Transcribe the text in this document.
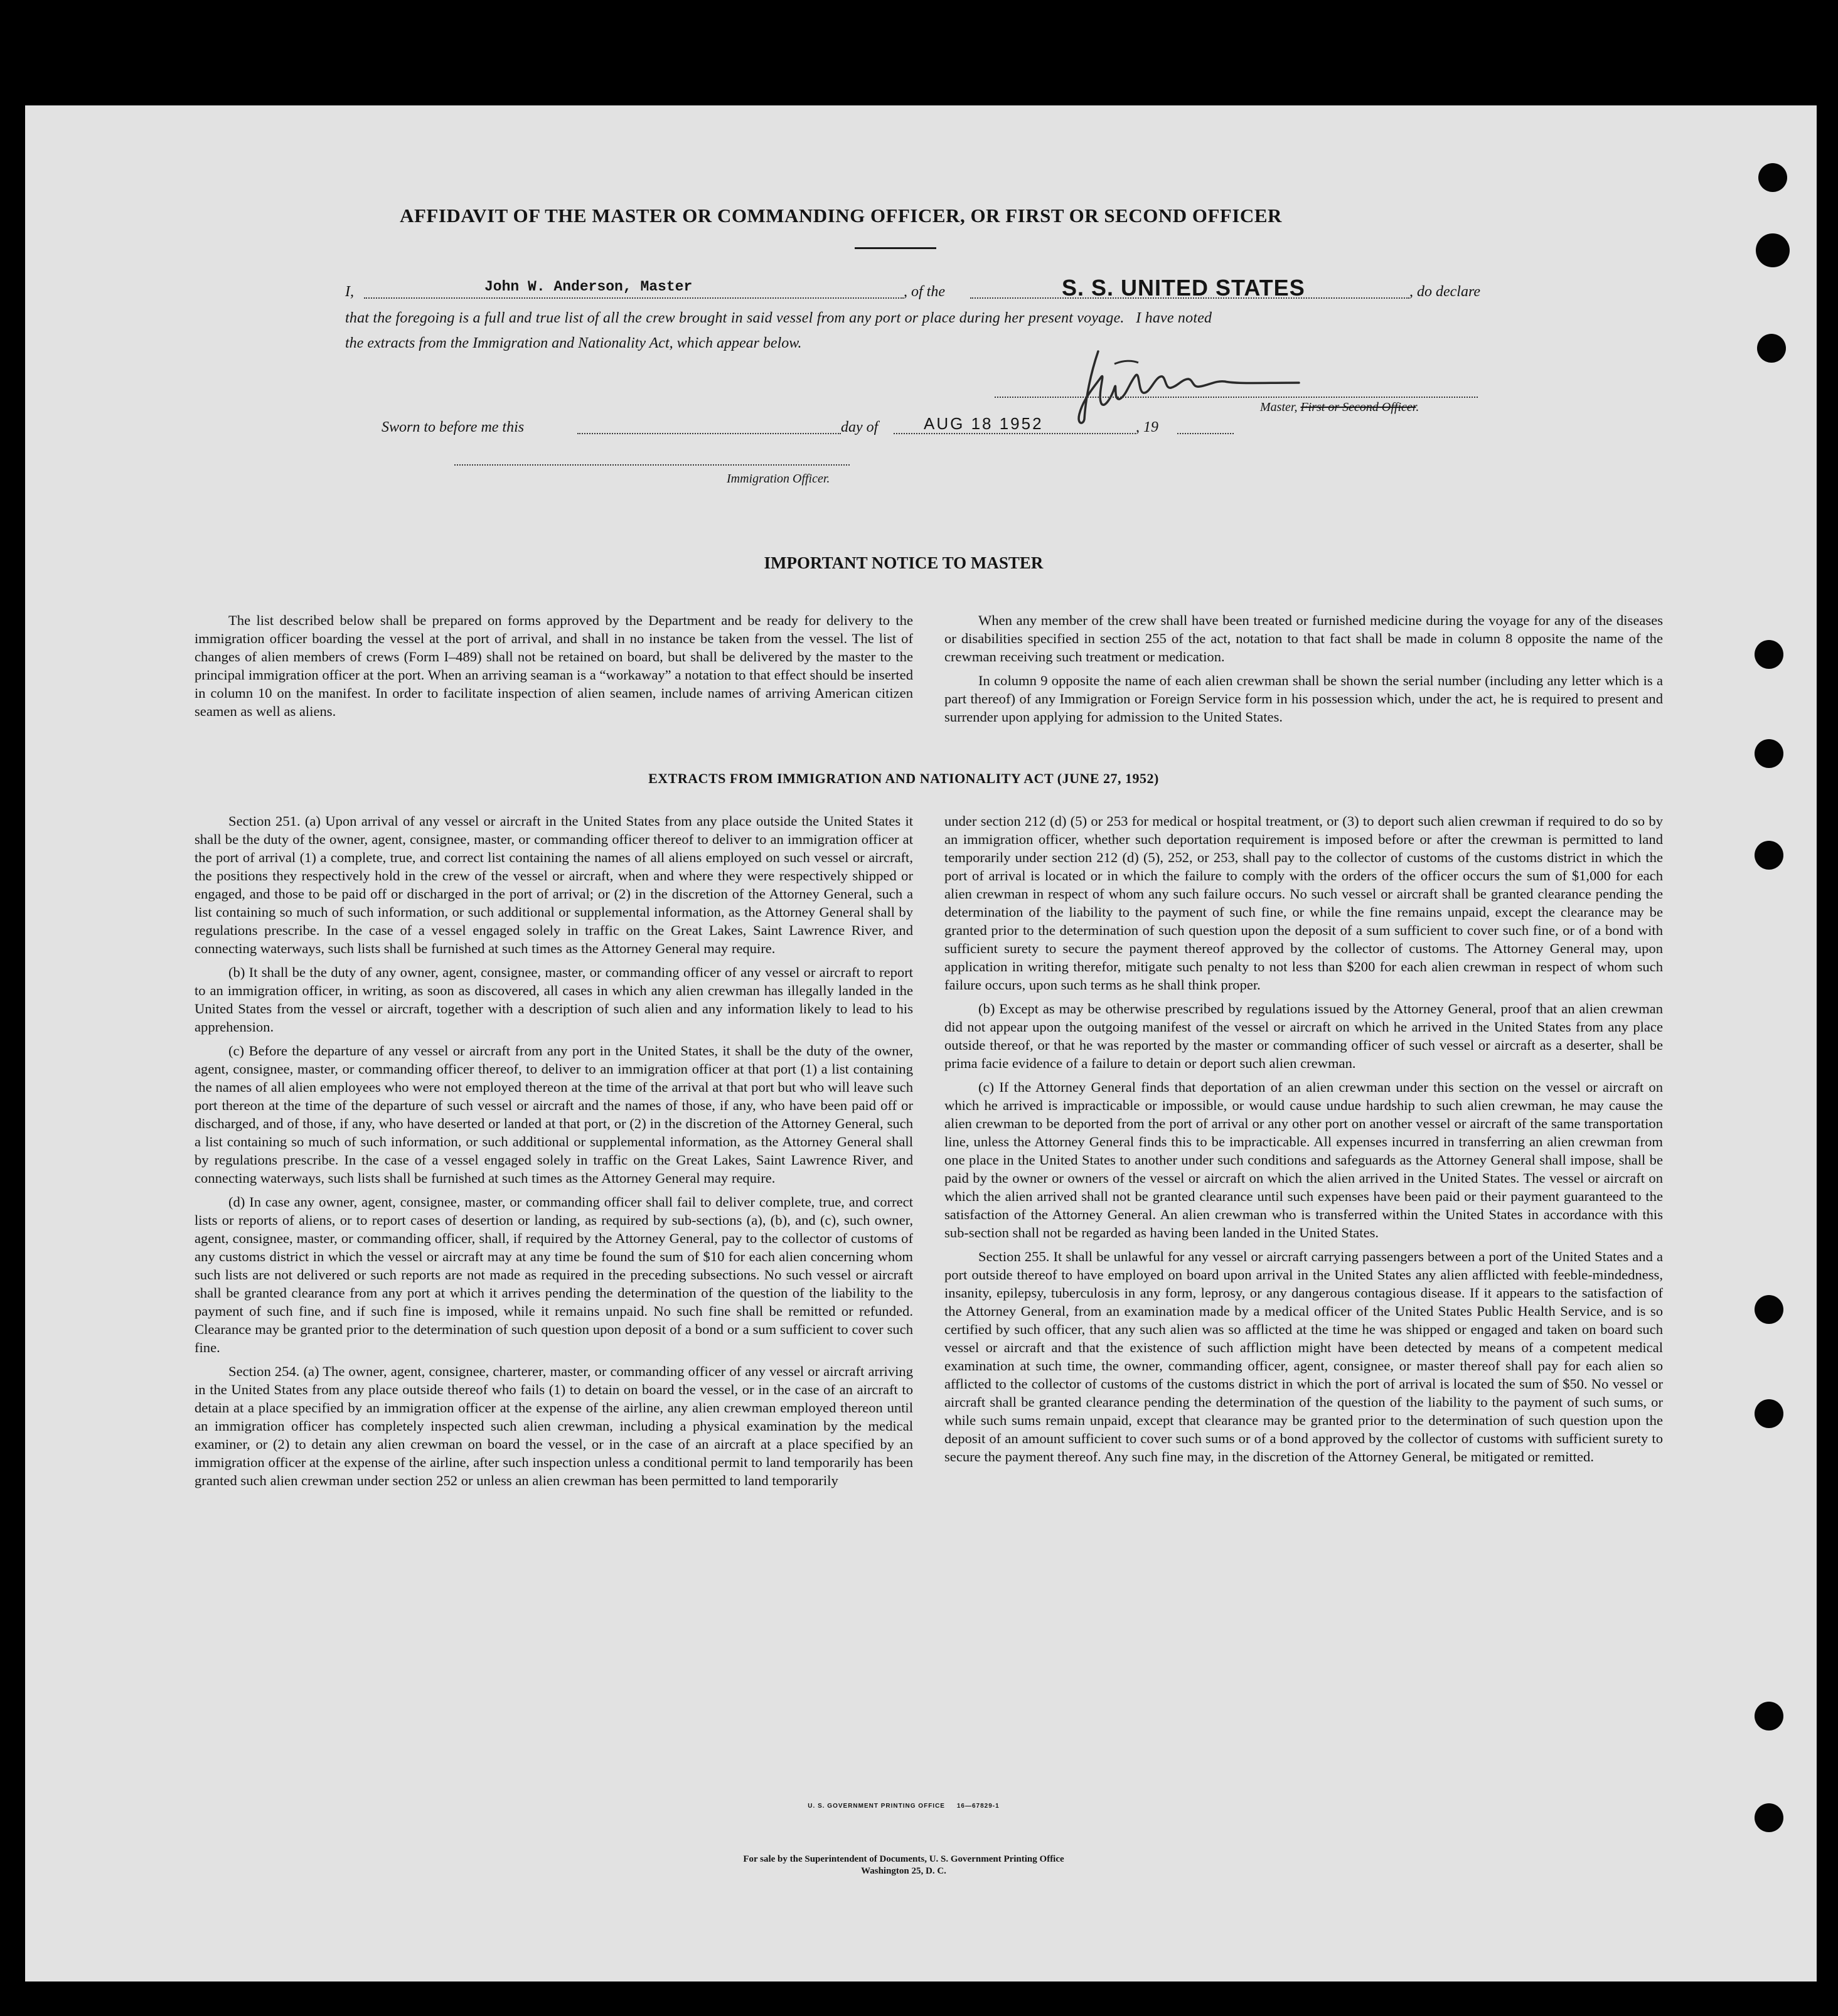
AFFIDAVIT OF THE MASTER OR COMMANDING OFFICER, OR FIRST OR SECOND OFFICER
I,	John W. Anderson, Master	, of the	S. S. UNITED STATES	, do declare
that the foregoing is a full and true list of all the crew brought in said vessel from any port or place during her present voyage.   I have noted
the extracts from the Immigration and Nationality Act, which appear below.
Master, First or Second Officer.
Sworn to before me this	day of	AUG 18 1952	, 19
Immigration Officer.
IMPORTANT NOTICE TO MASTER

The list described below shall be prepared on forms approved by the Department and be ready for delivery to the immigration officer boarding the vessel at the port of arrival, and shall in no instance be taken from the vessel. The list of changes of alien members of crews (Form I–489) shall not be retained on board, but shall be delivered by the master to the principal immigration officer at the port. When an arriving seaman is a “workaway” a notation to that effect should be inserted in column 10 on the manifest. In order to facilitate inspection of alien seamen, include names of arriving American citizen seamen as well as aliens.

When any member of the crew shall have been treated or furnished medicine during the voyage for any of the diseases or disabilities specified in section 255 of the act, notation to that fact shall be made in column 8 opposite the name of the crewman receiving such treatment or medication.

In column 9 opposite the name of each alien crewman shall be shown the serial number (including any letter which is a part thereof) of any Immigration or Foreign Service form in his possession which, under the act, he is required to present and surrender upon applying for admission to the United States.

EXTRACTS FROM IMMIGRATION AND NATIONALITY ACT (JUNE 27, 1952)

Section 251. (a) Upon arrival of any vessel or aircraft in the United States from any place outside the United States it shall be the duty of the owner, agent, consignee, master, or commanding officer thereof to deliver to an immigration officer at the port of arrival (1) a complete, true, and correct list containing the names of all aliens employed on such vessel or aircraft, the positions they respectively hold in the crew of the vessel or aircraft, when and where they were respectively shipped or engaged, and those to be paid off or discharged in the port of arrival; or (2) in the discretion of the Attorney General, such a list containing so much of such information, or such additional or supplemental information, as the Attorney General shall by regulations prescribe. In the case of a vessel engaged solely in traffic on the Great Lakes, Saint Lawrence River, and connecting waterways, such lists shall be furnished at such times as the Attorney General may require.

(b) It shall be the duty of any owner, agent, consignee, master, or commanding officer of any vessel or aircraft to report to an immigration officer, in writing, as soon as discovered, all cases in which any alien crewman has illegally landed in the United States from the vessel or aircraft, together with a description of such alien and any information likely to lead to his apprehension.

(c) Before the departure of any vessel or aircraft from any port in the United States, it shall be the duty of the owner, agent, consignee, master, or commanding officer thereof, to deliver to an immigration officer at that port (1) a list containing the names of all alien employees who were not employed thereon at the time of the arrival at that port but who will leave such port thereon at the time of the departure of such vessel or aircraft and the names of those, if any, who have been paid off or discharged, and of those, if any, who have deserted or landed at that port, or (2) in the discretion of the Attorney General, such a list containing so much of such information, or such additional or supplemental information, as the Attorney General shall by regulations prescribe. In the case of a vessel engaged solely in traffic on the Great Lakes, Saint Lawrence River, and connecting waterways, such lists shall be furnished at such times as the Attorney General may require.

(d) In case any owner, agent, consignee, master, or commanding officer shall fail to deliver complete, true, and correct lists or reports of aliens, or to report cases of desertion or landing, as required by sub-sections (a), (b), and (c), such owner, agent, consignee, master, or commanding officer, shall, if required by the Attorney General, pay to the collector of customs of any customs district in which the vessel or aircraft may at any time be found the sum of $10 for each alien concerning whom such lists are not delivered or such reports are not made as required in the preceding subsections. No such vessel or aircraft shall be granted clearance from any port at which it arrives pending the determination of the question of the liability to the payment of such fine, and if such fine is imposed, while it remains unpaid. No such fine shall be remitted or refunded. Clearance may be granted prior to the determination of such question upon deposit of a bond or a sum sufficient to cover such fine.

Section 254. (a) The owner, agent, consignee, charterer, master, or commanding officer of any vessel or aircraft arriving in the United States from any place outside thereof who fails (1) to detain on board the vessel, or in the case of an aircraft to detain at a place specified by an immigration officer at the expense of the airline, any alien crewman employed thereon until an immigration officer has completely inspected such alien crewman, including a physical examination by the medical examiner, or (2) to detain any alien crewman on board the vessel, or in the case of an aircraft at a place specified by an immigration officer at the expense of the airline, after such inspection unless a conditional permit to land temporarily has been granted such alien crewman under section 252 or unless an alien crewman has been permitted to land temporarily

under section 212 (d) (5) or 253 for medical or hospital treatment, or (3) to deport such alien crewman if required to do so by an immigration officer, whether such deportation requirement is imposed before or after the crewman is permitted to land temporarily under section 212 (d) (5), 252, or 253, shall pay to the collector of customs of the customs district in which the port of arrival is located or in which the failure to comply with the orders of the officer occurs the sum of $1,000 for each alien crewman in respect of whom any such failure occurs. No such vessel or aircraft shall be granted clearance pending the determination of the liability to the payment of such fine, or while the fine remains unpaid, except the clearance may be granted prior to the determination of such question upon the deposit of a sum sufficient to cover such fine, or of a bond with sufficient surety to secure the payment thereof approved by the collector of customs. The Attorney General may, upon application in writing therefor, mitigate such penalty to not less than $200 for each alien crewman in respect of whom such failure occurs, upon such terms as he shall think proper.

(b) Except as may be otherwise prescribed by regulations issued by the Attorney General, proof that an alien crewman did not appear upon the outgoing manifest of the vessel or aircraft on which he arrived in the United States from any place outside thereof, or that he was reported by the master or commanding officer of such vessel or aircraft as a deserter, shall be prima facie evidence of a failure to detain or deport such alien crewman.

(c) If the Attorney General finds that deportation of an alien crewman under this section on the vessel or aircraft on which he arrived is impracticable or impossible, or would cause undue hardship to such alien crewman, he may cause the alien crewman to be deported from the port of arrival or any other port on another vessel or aircraft of the same transportation line, unless the Attorney General finds this to be impracticable. All expenses incurred in transferring an alien crewman from one place in the United States to another under such conditions and safeguards as the Attorney General shall impose, shall be paid by the owner or owners of the vessel or aircraft on which the alien arrived in the United States. The vessel or aircraft on which the alien arrived shall not be granted clearance until such expenses have been paid or their payment guaranteed to the satisfaction of the Attorney General. An alien crewman who is transferred within the United States in accordance with this sub-section shall not be regarded as having been landed in the United States.

Section 255. It shall be unlawful for any vessel or aircraft carrying passengers between a port of the United States and a port outside thereof to have employed on board upon arrival in the United States any alien afflicted with feeble-mindedness, insanity, epilepsy, tuberculosis in any form, leprosy, or any dangerous contagious disease. If it appears to the satisfaction of the Attorney General, from an examination made by a medical officer of the United States Public Health Service, and is so certified by such officer, that any such alien was so afflicted at the time he was shipped or engaged and taken on board such vessel or aircraft and that the existence of such affliction might have been detected by means of a competent medical examination at such time, the owner, commanding officer, agent, consignee, or master thereof shall pay for each alien so afflicted to the collector of customs of the customs district in which the port of arrival is located the sum of $50. No vessel or aircraft shall be granted clearance pending the determination of the question of the liability to the payment of such sums, or while such sums remain unpaid, except that clearance may be granted prior to the determination of such question upon the deposit of an amount sufficient to cover such sums or of a bond approved by the collector of customs with sufficient surety to secure the payment thereof. Any such fine may, in the discretion of the Attorney General, be mitigated or remitted.

U. S. GOVERNMENT PRINTING OFFICE     16—67829-1
For sale by the Superintendent of Documents, U. S. Government Printing Office
Washington 25, D. C.
